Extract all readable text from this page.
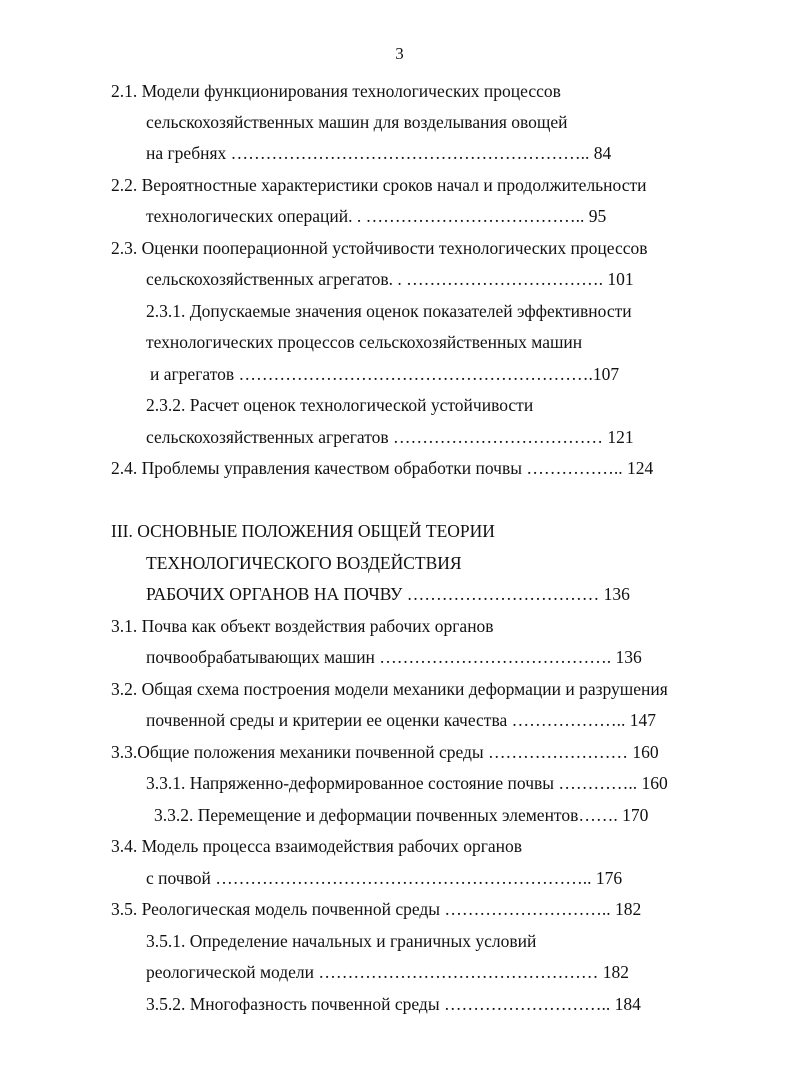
3
2.1. Модели функционирования технологических процессов
сельскохозяйственных машин для возделывания овощей
на гребнях …………………………………………………….. 84
2.2. Вероятностные характеристики сроков начал и продолжительности
технологических операций. . ……………………………….. 95
2.3. Оценки пооперационной устойчивости технологических процессов
сельскохозяйственных агрегатов. . ……………………………. 101
2.3.1. Допускаемые значения оценок показателей эффективности
технологических процессов сельскохозяйственных машин
и агрегатов …………………………………………………….107
2.3.2. Расчет оценок технологической устойчивости
сельскохозяйственных агрегатов ……………………………… 121
2.4. Проблемы управления качеством обработки почвы …………….. 124
III. ОСНОВНЫЕ ПОЛОЖЕНИЯ ОБЩЕЙ ТЕОРИИ
ТЕХНОЛОГИЧЕСКОГО ВОЗДЕЙСТВИЯ
РАБОЧИХ ОРГАНОВ НА ПОЧВУ …………………………… 136
3.1. Почва как объект воздействия рабочих органов
почвообрабатывающих машин …………………………………. 136
3.2. Общая схема построения модели механики деформации и разрушения
почвенной среды и критерии ее оценки качества ……………….. 147
3.3.Общие положения механики почвенной среды …………………… 160
3.3.1. Напряженно-деформированное состояние почвы ………….. 160
3.3.2. Перемещение и деформации почвенных элементов……. 170
3.4. Модель процесса взаимодействия рабочих органов
с почвой ……………………………………………………….. 176
3.5. Реологическая модель почвенной среды ……………………….. 182
3.5.1. Определение начальных и граничных условий
реологической модели ………………………………………… 182
3.5.2. Многофазность почвенной среды ……………………….. 184
